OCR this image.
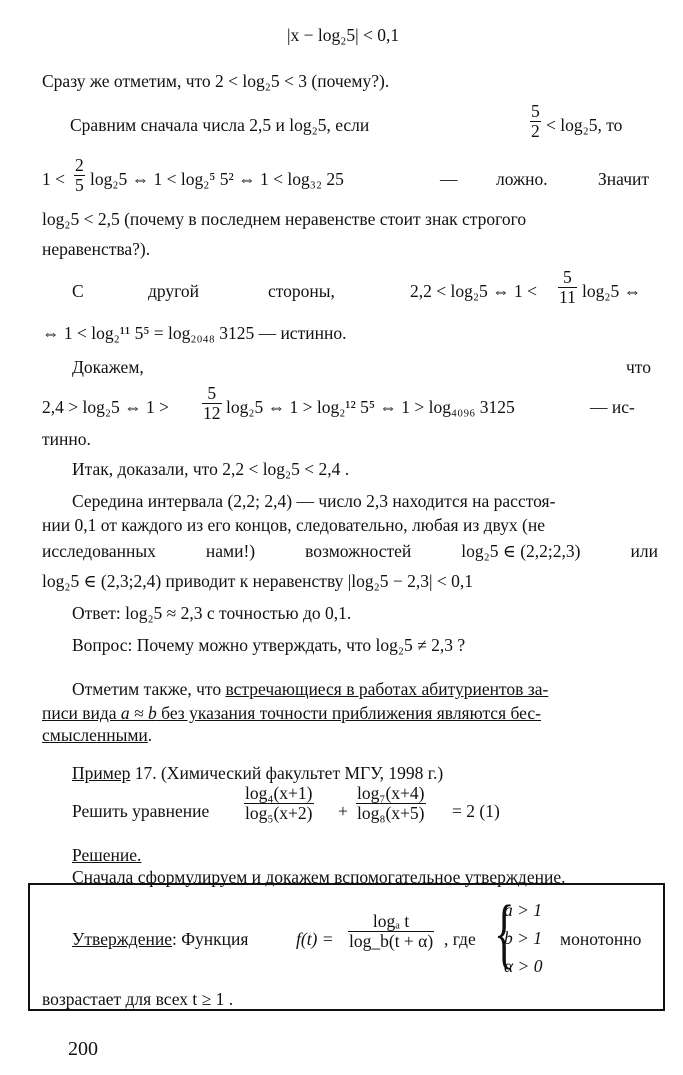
|x − log₂5| < 0,1
Сразу же отметим, что 2 < log₂5 < 3 (почему?).
Сравним сначала числа 2,5 и log₂5, если	$\frac{5}{2} < \log_25$, то
$1 < \frac{2}{5} \log_25$ ⇔ 1 < log₂⁵ 5² ⇔ 1 < log₃₂ 25	— ложно.	Значит
log₂5 < 2,5 (почему в последнем неравенстве стоит знак строгого
неравенства?).
С	другой	стороны,	2,2 < log₂5 ⇔ $1 < \frac{5}{11} \log_25$ ⇔
⇔ 1 < log₂¹¹ 5⁵ = log₂₀₄₈ 3125 — истинно.
Докажем,	что
2,4 > log₂5 ⇔ $1 > \frac{5}{12} \log_25$ ⇔ 1 > log₂¹² 5⁵ ⇔ 1 > log₄₀₉₆ 3125	— ис-
тинно.
Итак, доказали, что 2,2 < log₂5 < 2,4 .
Середина интервала (2,2; 2,4) — число 2,3 находится на расстоя-
нии 0,1 от каждого из его концов, следовательно, любая из двух (не
исследованных	нами!)	возможностей	log₂5 ∈ (2,2;2,3)	или
log₂5 ∈ (2,3;2,4) приводит к неравенству |log₂5 − 2,3| < 0,1
Ответ: log₂5 ≈ 2,3 с точностью до 0,1.
Вопрос: Почему можно утверждать, что log₂5 ≠ 2,3 ?
Отметим также, что встречающиеся в работах абитуриентов за-
писи вида a ≈ b без указания точности приближения являются бес-
смысленными.
Пример 17. (Химический факультет МГУ, 1998 г.)
Решить уравнение $\frac{\text{log₄(x+1)}}{\text{log₅(x+2)}} + \frac{\text{log₇(x+4)}}{\text{log₈(x+5)}} = 2$ (1)
Решение.
Сначала сформулируем и докажем вспомогательное утверждение.
Утверждение: Функция	$f(t) = \frac{\text{logₐ t}}{\log\_b(t + \alpha)}$ , где {
a > 1
b > 1
α > 0
монотонно
возрастает для всех t ≥ 1 .
200
